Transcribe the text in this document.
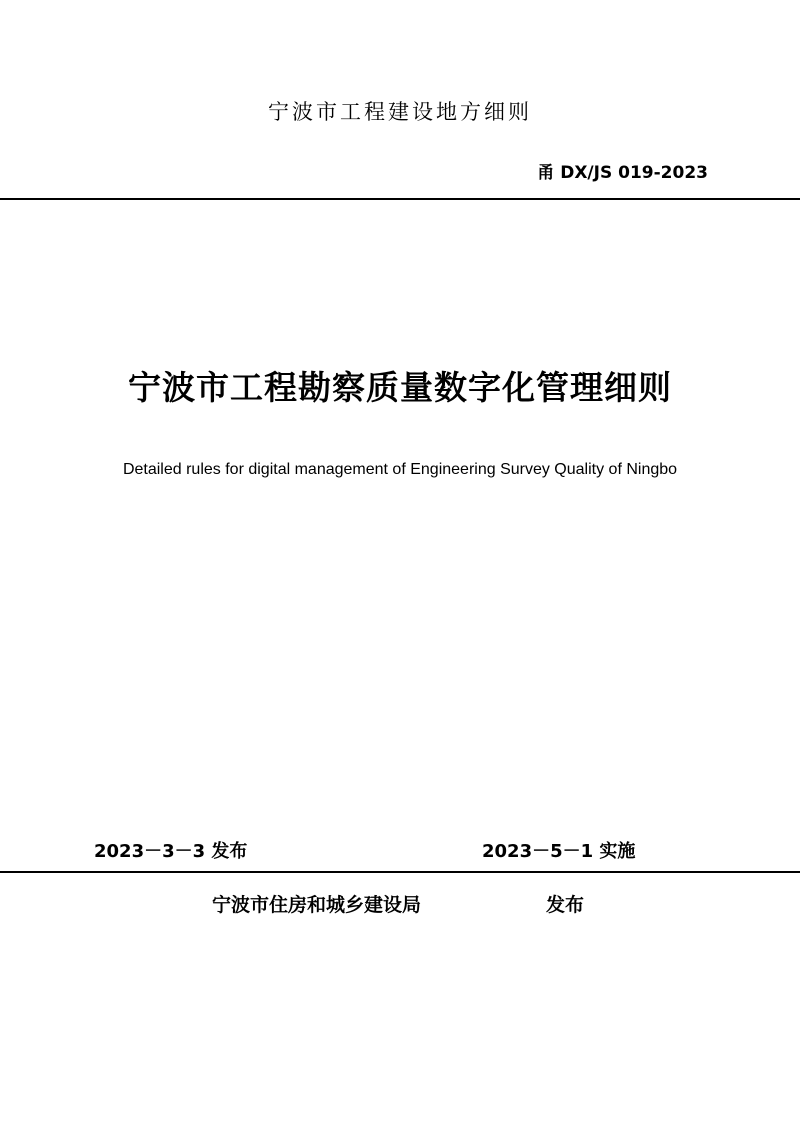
宁波市工程建设地方细则
甬 DX/JS 019-2023
宁波市工程勘察质量数字化管理细则
Detailed rules for digital management of Engineering Survey Quality of Ningbo
2023－3－3 发布	2023－5－1 实施
宁波市住房和城乡建设局	发布
